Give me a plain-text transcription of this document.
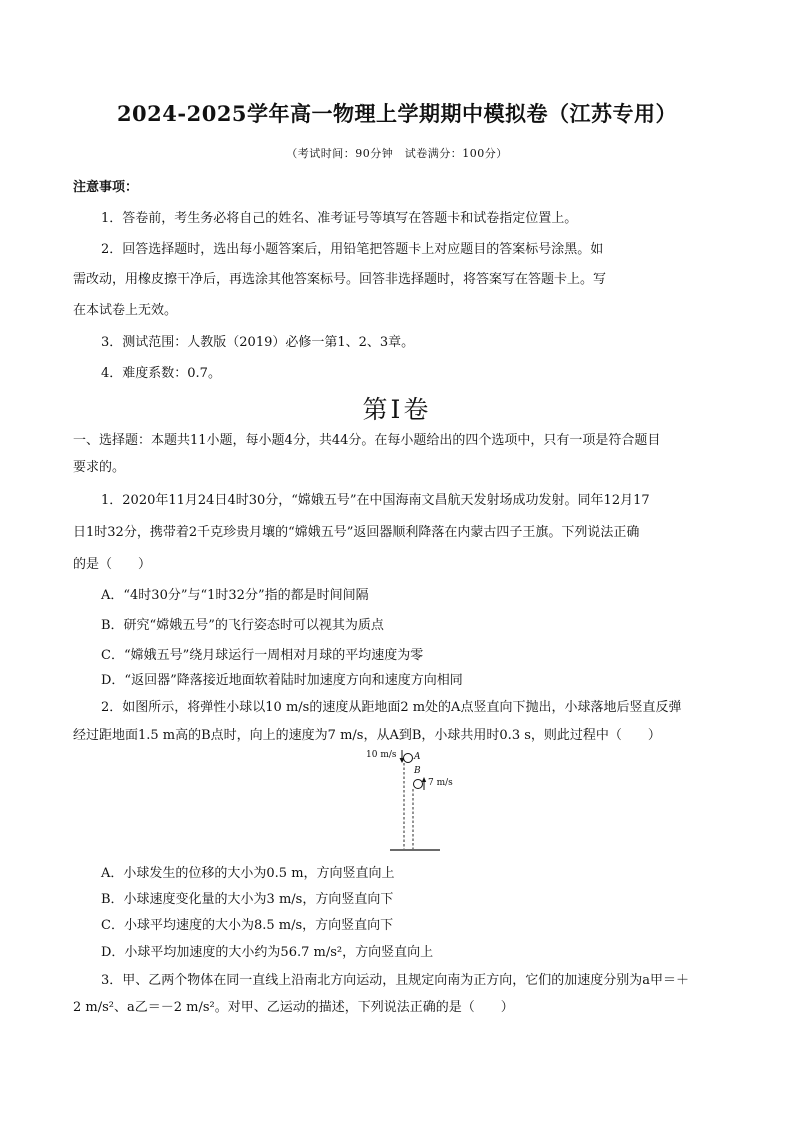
2024-2025学年高一物理上学期期中模拟卷（江苏专用）
（考试时间：90分钟　试卷满分：100分）
注意事项：
1．答卷前，考生务必将自己的姓名、准考证号等填写在答题卡和试卷指定位置上。
2．回答选择题时，选出每小题答案后，用铅笔把答题卡上对应题目的答案标号涂黑。如
需改动，用橡皮擦干净后，再选涂其他答案标号。回答非选择题时，将答案写在答题卡上。写
在本试卷上无效。
3．测试范围：人教版（2019）必修一第1、2、3章。
4．难度系数：0.7。
第Ⅰ卷
一、选择题：本题共11小题，每小题4分，共44分。在每小题给出的四个选项中，只有一项是符合题目
要求的。
1．2020年11月24日4时30分，“嫦娥五号”在中国海南文昌航天发射场成功发射。同年12月17
日1时32分，携带着2千克珍贵月壤的“嫦娥五号”返回器顺利降落在内蒙古四子王旗。下列说法正确
的是（　　）
A．“4时30分”与“1时32分”指的都是时间间隔
B．研究“嫦娥五号”的飞行姿态时可以视其为质点
C．“嫦娥五号”绕月球运行一周相对月球的平均速度为零
D．“返回器”降落接近地面软着陆时加速度方向和速度方向相同
2．如图所示，将弹性小球以10 m/s的速度从距地面2 m处的A点竖直向下抛出，小球落地后竖直反弹
经过距地面1.5 m高的B点时，向上的速度为7 m/s，从A到B，小球共用时0.3 s，则此过程中（　　）
10 m/s A
B
7 m/s
A．小球发生的位移的大小为0.5 m，方向竖直向上
B．小球速度变化量的大小为3 m/s，方向竖直向下
C．小球平均速度的大小为8.5 m/s，方向竖直向下
D．小球平均加速度的大小约为56.7 m/s²，方向竖直向上
3．甲、乙两个物体在同一直线上沿南北方向运动，且规定向南为正方向，它们的加速度分别为a甲＝＋
2 m/s²、a乙＝－2 m/s²。对甲、乙运动的描述，下列说法正确的是（　　）
